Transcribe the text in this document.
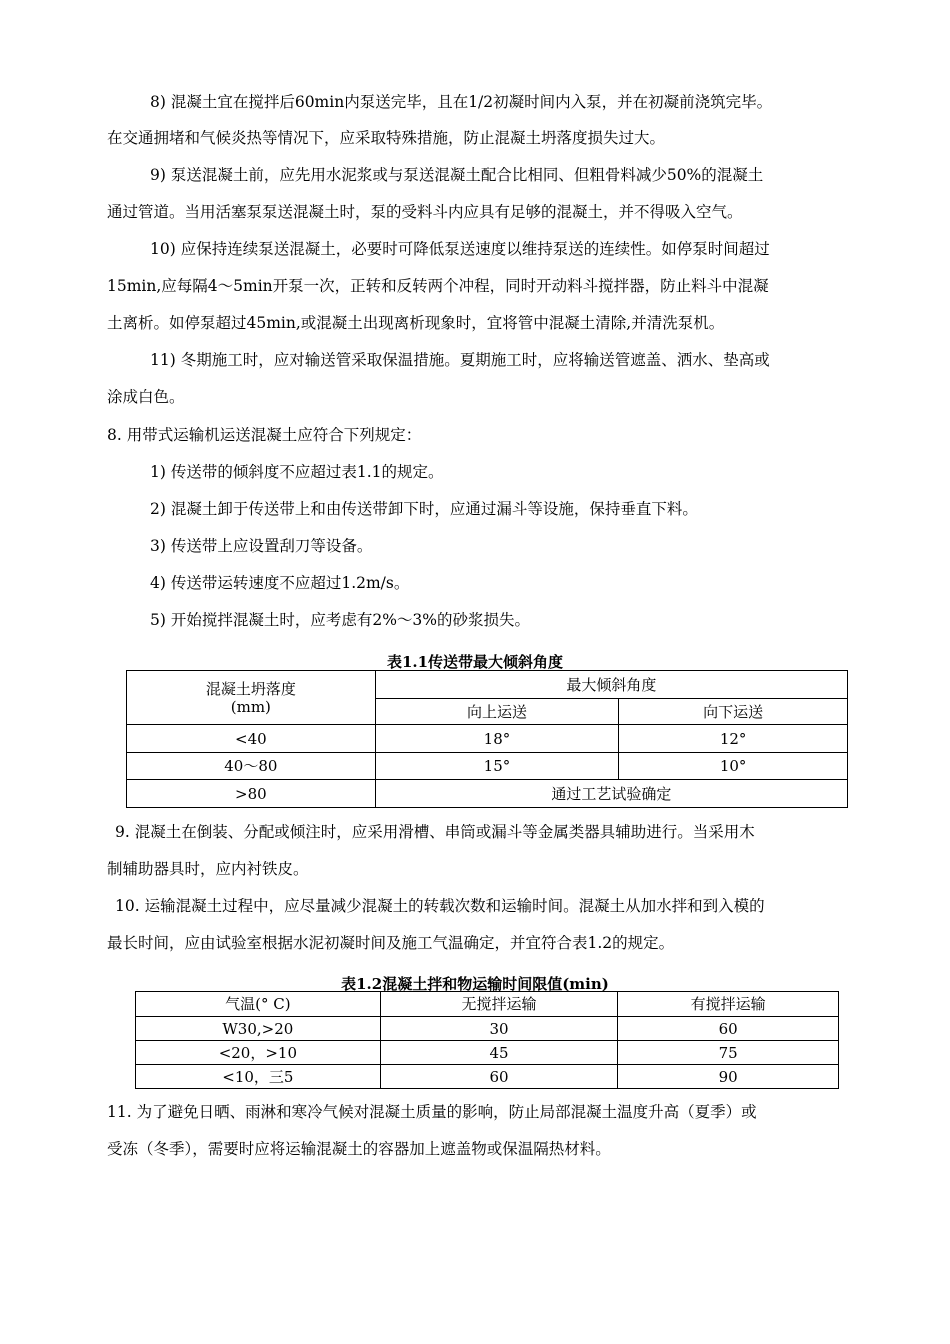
8) 混凝土宜在搅拌后60min内泵送完毕，且在1/2初凝时间内入泵，并在初凝前浇筑完毕。
在交通拥堵和气候炎热等情况下，应采取特殊措施，防止混凝土坍落度损失过大。
9) 泵送混凝土前，应先用水泥浆或与泵送混凝土配合比相同、但粗骨料减少50%的混凝土
通过管道。当用活塞泵泵送混凝土时，泵的受料斗内应具有足够的混凝土，并不得吸入空气。
10) 应保持连续泵送混凝土，必要时可降低泵送速度以维持泵送的连续性。如停泵时间超过
15min,应每隔4〜5min开泵一次，正转和反转两个冲程，同时开动料斗搅拌器，防止料斗中混凝
土离析。如停泵超过45min,或混凝土出现离析现象时，宜将管中混凝土清除,并清洗泵机。
11) 冬期施工时，应对输送管采取保温措施。夏期施工时，应将输送管遮盖、洒水、垫高或
涂成白色。
8. 用带式运输机运送混凝土应符合下列规定：
1) 传送带的倾斜度不应超过表1.1的规定。
2) 混凝土卸于传送带上和由传送带卸下时，应通过漏斗等设施，保持垂直下料。
3) 传送带上应设置刮刀等设备。
4) 传送带运转速度不应超过1.2m/s。
5) 开始搅拌混凝土时，应考虑有2%〜3%的砂浆损失。
表1.1传送带最大倾斜角度
混凝土坍落度
(mm)	最大倾斜角度	
	向上运送	向下运送
<40	18°	12°
40〜80	15°	10°
>80	通过工艺试验确定	
9. 混凝土在倒装、分配或倾注时，应采用滑槽、串筒或漏斗等金属类器具辅助进行。当采用木
制辅助器具时，应内衬铁皮。
10. 运输混凝土过程中，应尽量减少混凝土的转载次数和运输时间。混凝土从加水拌和到入模的
最长时间，应由试验室根据水泥初凝时间及施工气温确定，并宜符合表1.2的规定。
表1.2混凝土拌和物运输时间限值(min)
气温(° C)	无搅拌运输	有搅拌运输
W30,>20	30	60
<20，>10	45	75
<10，三5	60	90
11. 为了避免日晒、雨淋和寒冷气候对混凝土质量的影响，防止局部混凝土温度升高（夏季）或
受冻（冬季），需要时应将运输混凝土的容器加上遮盖物或保温隔热材料。
